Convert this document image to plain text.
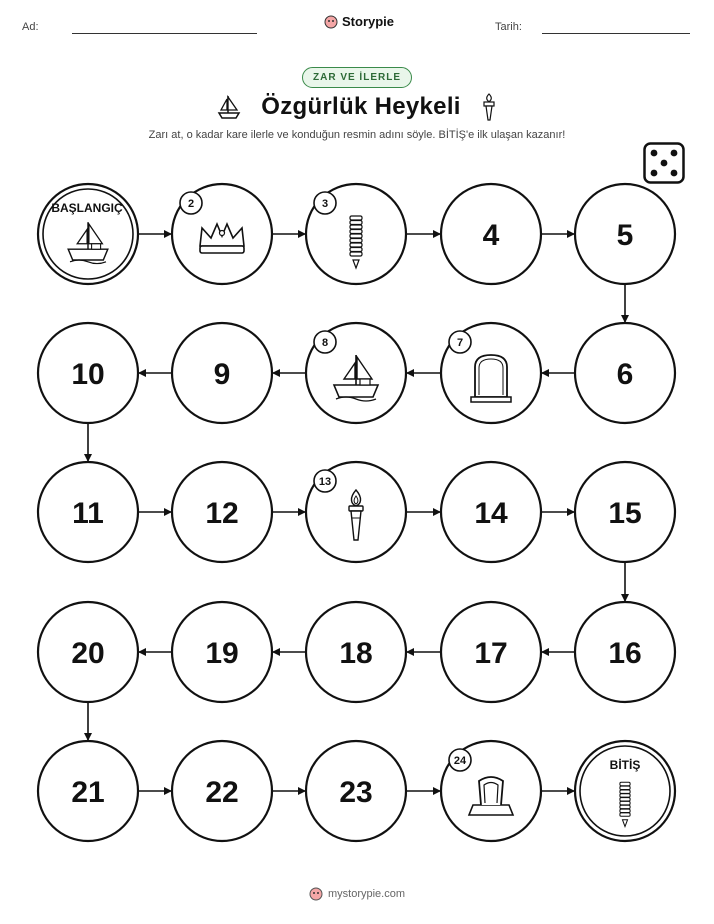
Ad:	Storypie	Tarih:
ZAR VE İLERLE
Özgürlük Heykeli
Zarı at, o kadar kare ilerle ve konduğun resmin adını söyle. BİTİŞ'e ilk ulaşan kazanır!
BAŞLANGIÇ	2	3
4	5
6
7
8
9
10
11	12
13
14	15
16
17
18
19
20
21	22	23
24	BİTİŞ
mystorypie.com
